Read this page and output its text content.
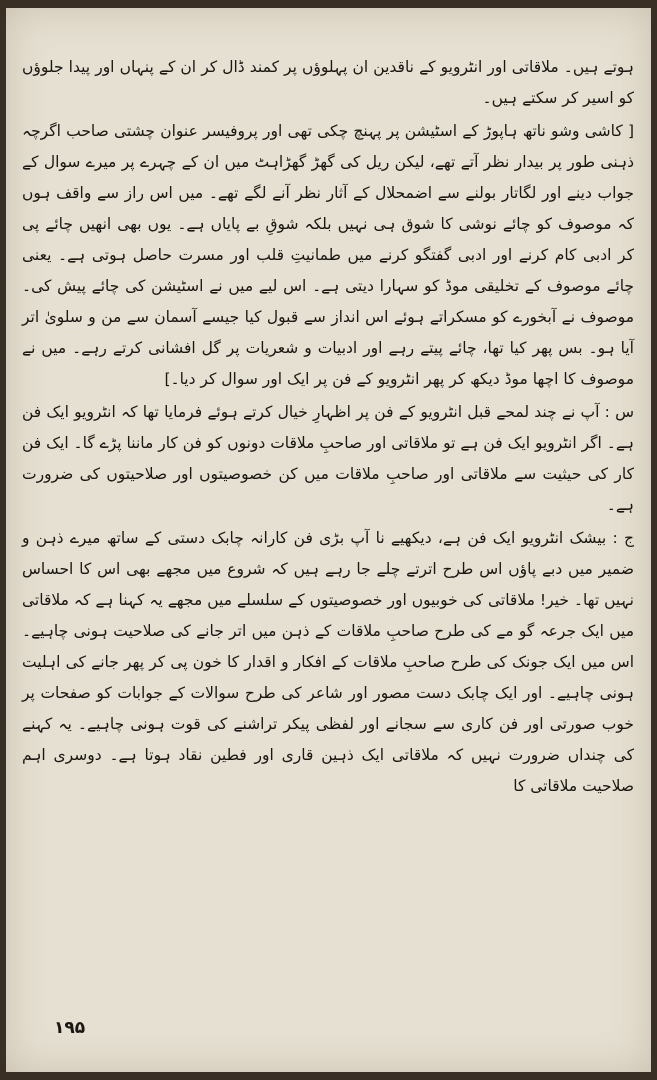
ہوتے ہیں۔ ملاقاتی اور انٹرویو کے ناقدین ان پہلوؤں پر کمند ڈال کر ان کے پنہاں اور پیدا جلوؤں کو اسیر کر سکتے ہیں۔

[ کاشی وشو ناتھ ہاپوڑ کے اسٹیشن پر پہنچ چکی تھی اور پروفیسر عنوان چشتی صاحب اگرچہ ذہنی طور پر بیدار نظر آتے تھے، لیکن ریل کی گھڑ گھڑاہٹ میں ان کے چہرے پر میرے سوال کے جواب دینے اور لگاتار بولنے سے اضمحلال کے آثار نظر آنے لگے تھے۔ میں اس راز سے واقف ہوں کہ موصوف کو چائے نوشی کا شوق ہی نہیں بلکہ شوقِ بے پایاں ہے۔ یوں بھی انھیں چائے پی کر ادبی کام کرنے اور ادبی گفتگو کرنے میں طمانیتِ قلب اور مسرت حاصل ہوتی ہے۔ یعنی چائے موصوف کے تخلیقی موڈ کو سہارا دیتی ہے۔ اس لیے میں نے اسٹیشن کی چائے پیش کی۔ موصوف نے آبخورے کو مسکراتے ہوئے اس انداز سے قبول کیا جیسے آسمان سے من و سلویٰ اتر آیا ہو۔ بس پھر کیا تھا، چائے پیتے رہے اور ادبیات و شعریات پر گل افشانی کرتے رہے۔ میں نے موصوف کا اچھا موڈ دیکھ کر پھر انٹرویو کے فن پر ایک اور سوال کر دیا۔]

س : آپ نے چند لمحے قبل انٹرویو کے فن پر اظہارِ خیال کرتے ہوئے فرمایا تھا کہ انٹرویو ایک فن ہے۔ اگر انٹرویو ایک فن ہے تو ملاقاتی اور صاحبِ ملاقات دونوں کو فن کار ماننا پڑے گا۔ ایک فن کار کی حیثیت سے ملاقاتی اور صاحبِ ملاقات میں کن خصوصیتوں اور صلاحیتوں کی ضرورت ہے۔

ج : بیشک انٹرویو ایک فن ہے، دیکھیے نا آپ بڑی فن کارانہ چابک دستی کے ساتھ میرے ذہن و ضمیر میں دبے پاؤں اس طرح اترتے چلے جا رہے ہیں کہ شروع میں مجھے بھی اس کا احساس نہیں تھا۔ خیر! ملاقاتی کی خوبیوں اور خصوصیتوں کے سلسلے میں مجھے یہ کہنا ہے کہ ملاقاتی میں ایک جرعہ گو مے کی طرح صاحبِ ملاقات کے ذہن میں اتر جانے کی صلاحیت ہونی چاہیے۔ اس میں ایک جونک کی طرح صاحبِ ملاقات کے افکار و اقدار کا خون پی کر پھر جانے کی اہلیت ہونی چاہیے۔ اور ایک چابک دست مصور اور شاعر کی طرح سوالات کے جوابات کو صفحات پر خوب صورتی اور فن کاری سے سجانے اور لفظی پیکر تراشنے کی قوت ہونی چاہیے۔ یہ کہنے کی چنداں ضرورت نہیں کہ ملاقاتی ایک ذہین قاری اور فطین نقاد ہوتا ہے۔ دوسری اہم صلاحیت ملاقاتی کا

۱۹۵
